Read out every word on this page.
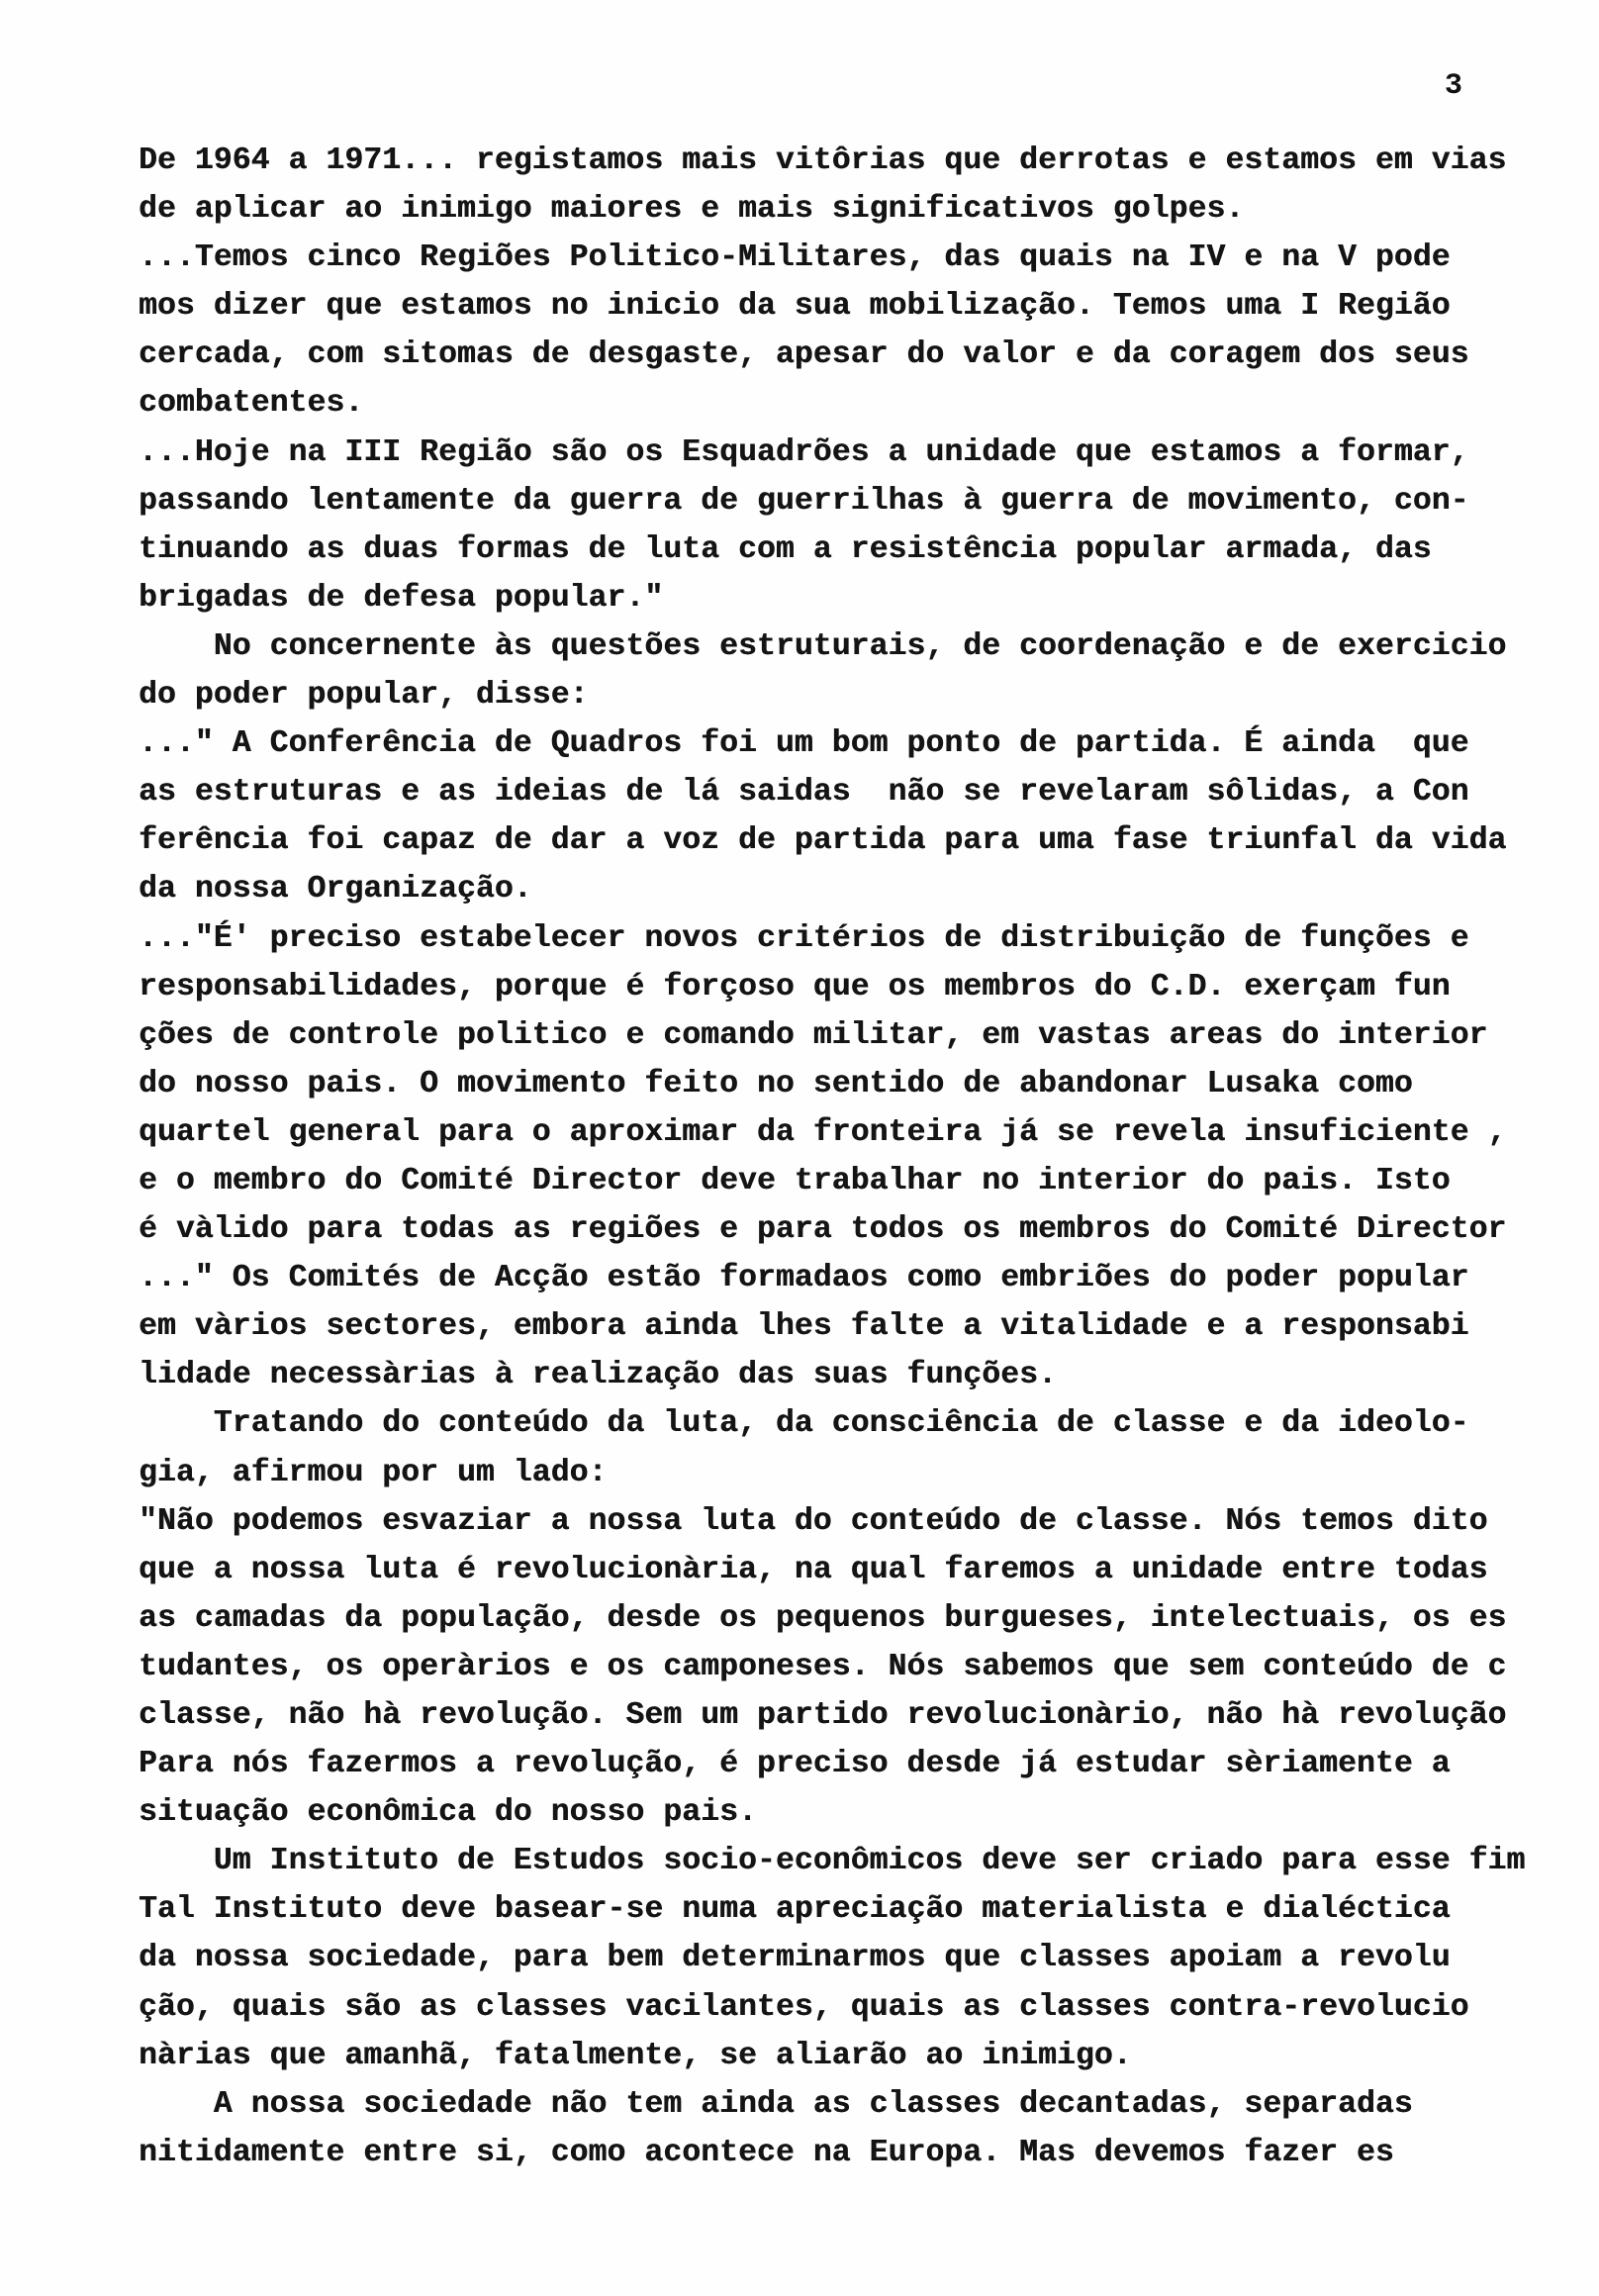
3
De 1964 a 1971... registamos mais vitôrias que derrotas e estamos em vias
de aplicar ao inimigo maiores e mais significativos golpes.
...Temos cinco Regiões Politico-Militares, das quais na IV e na V pode
mos dizer que estamos no inicio da sua mobilização. Temos uma I Região
cercada, com sitomas de desgaste, apesar do valor e da coragem dos seus
combatentes.
...Hoje na III Região são os Esquadrões a unidade que estamos a formar,
passando lentamente da guerra de guerrilhas à guerra de movimento, con-
tinuando as duas formas de luta com a resistência popular armada, das
brigadas de defesa popular."
No concernente às questões estruturais, de coordenação e de exercicio
do poder popular, disse:
..." A Conferência de Quadros foi um bom ponto de partida. É ainda  que
as estruturas e as ideias de lá saidas  não se revelaram sôlidas, a Con
ferência foi capaz de dar a voz de partida para uma fase triunfal da vida
da nossa Organização.
..."É' preciso estabelecer novos critérios de distribuição de funções e
responsabilidades, porque é forçoso que os membros do C.D. exerçam fun
ções de controle politico e comando militar, em vastas areas do interior
do nosso pais. O movimento feito no sentido de abandonar Lusaka como
quartel general para o aproximar da fronteira já se revela insuficiente ,
e o membro do Comité Director deve trabalhar no interior do pais. Isto
é vàlido para todas as regiões e para todos os membros do Comité Director
..." Os Comités de Acção estão formadaos como embriões do poder popular
em vàrios sectores, embora ainda lhes falte a vitalidade e a responsabi
lidade necessàrias à realização das suas funções.
Tratando do conteúdo da luta, da consciência de classe e da ideolo-
gia, afirmou por um lado:
"Não podemos esvaziar a nossa luta do conteúdo de classe. Nós temos dito
que a nossa luta é revolucionària, na qual faremos a unidade entre todas
as camadas da população, desde os pequenos burgueses, intelectuais, os es
tudantes, os operàrios e os camponeses. Nós sabemos que sem conteúdo de c
classe, não hà revolução. Sem um partido revolucionàrio, não hà revolução
Para nós fazermos a revolução, é preciso desde já estudar sèriamente a
situação econômica do nosso pais.
Um Instituto de Estudos socio-econômicos deve ser criado para esse fim
Tal Instituto deve basear-se numa apreciação materialista e dialéctica
da nossa sociedade, para bem determinarmos que classes apoiam a revolu
ção, quais são as classes vacilantes, quais as classes contra-revolucio
nàrias que amanhã, fatalmente, se aliarão ao inimigo.
A nossa sociedade não tem ainda as classes decantadas, separadas
nitidamente entre si, como acontece na Europa. Mas devemos fazer es
